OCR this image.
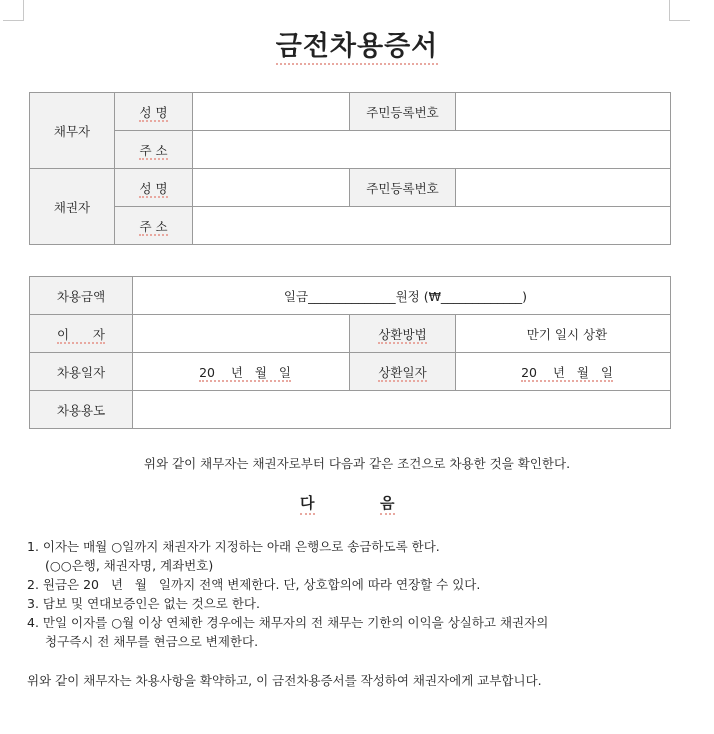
금전차용증서
채무자	성 명		주민등록번호	
	주 소			
채권자	성 명		주민등록번호	
	주 소			
차용금액	일금______________원정 (₩_____________)		
이      자		상환방법	만기 일시 상환
차용일자	20    년   월   일	상환일자	20    년   월   일
차용용도			
위와 같이 채무자는 채권자로부터 다음과 같은 조건으로 차용한 것을 확인한다.
다	음
1. 이자는 매월 ○일까지 채권자가 지정하는 아래 은행으로 송금하도록 한다.
(○○은행, 채권자명, 계좌번호)
2. 원금은 20   년   월   일까지 전액 변제한다. 단, 상호합의에 따라 연장할 수 있다.
3. 담보 및 연대보증인은 없는 것으로 한다.
4. 만일 이자를 ○월 이상 연체한 경우에는 채무자의 전 채무는 기한의 이익을 상실하고 채권자의
청구즉시 전 채무를 현금으로 변제한다.
위와 같이 채무자는 차용사항을 확약하고, 이 금전차용증서를 작성하여 채권자에게 교부합니다.
